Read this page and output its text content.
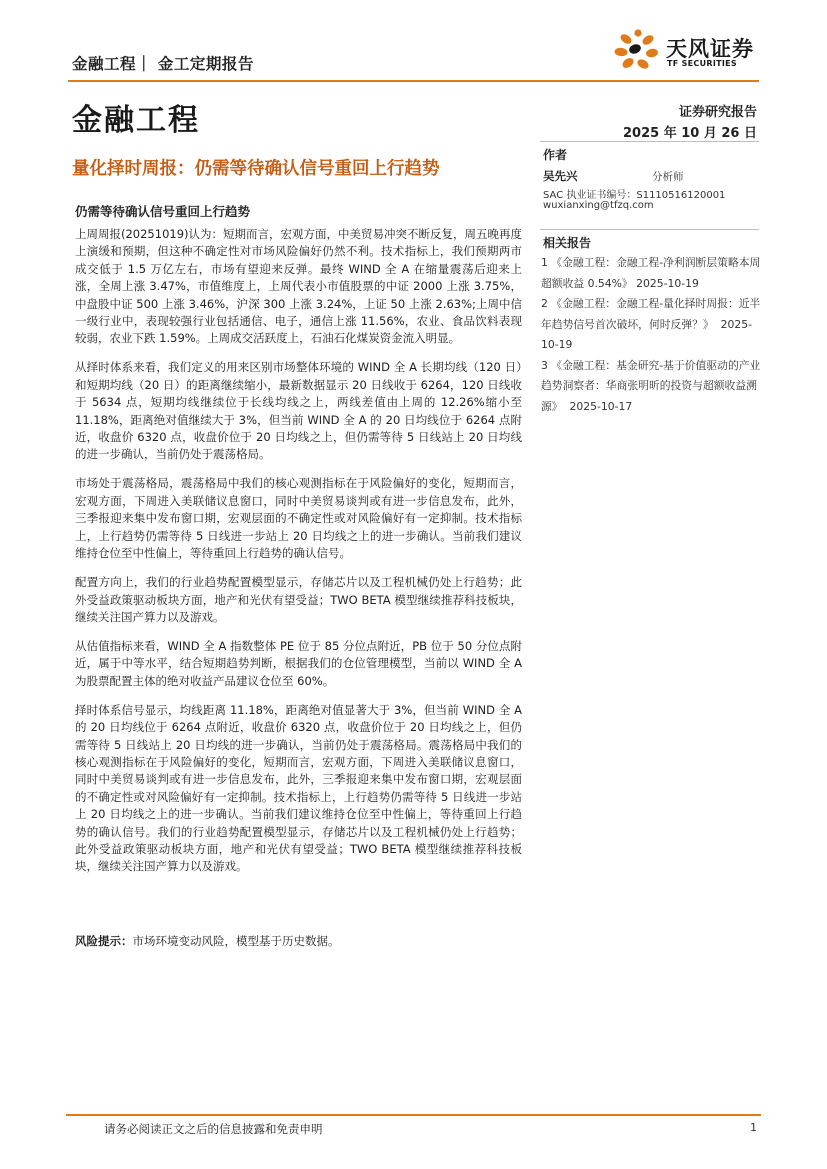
金融工程｜ 金工定期报告
天风证券
TF SECURITIES
金融工程	证券研究报告
2025 年 10 月 26 日
量化择时周报：仍需等待确认信号重回上行趋势
作者
吴先兴	分析师
SAC 执业证书编号：S1110516120001
wuxianxing@tfzq.com
相关报告
1 《金融工程：金融工程-净利润断层策略本周超额收益 0.54%》 2025-10-19
2 《金融工程：金融工程-量化择时周报：近半年趋势信号首次破坏，何时反弹？》 2025-10-19
3 《金融工程：基金研究-基于价值驱动的产业趋势洞察者：华商张明昕的投资与超额收益溯源》 2025-10-17
仍需等待确认信号重回上行趋势

上周周报(20251019)认为：短期而言，宏观方面，中美贸易冲突不断反复，周五晚再度上演缓和预期，但这种不确定性对市场风险偏好仍然不利。技术指标上，我们预期两市成交低于 1.5 万亿左右，市场有望迎来反弹。最终 WIND 全 A 在缩量震荡后迎来上涨，全周上涨 3.47%，市值维度上，上周代表小市值股票的中证 2000 上涨 3.75%，中盘股中证 500 上涨 3.46%，沪深 300 上涨 3.24%，上证 50 上涨 2.63%;上周中信一级行业中，表现较强行业包括通信、电子，通信上涨 11.56%，农业、食品饮料表现较弱，农业下跌 1.59%。上周成交活跃度上，石油石化煤炭资金流入明显。

从择时体系来看，我们定义的用来区别市场整体环境的 WIND 全 A 长期均线（120 日）和短期均线（20 日）的距离继续缩小，最新数据显示 20 日线收于 6264，120 日线收于 5634 点，短期均线继续位于长线均线之上，两线差值由上周的 12.26%缩小至 11.18%，距离绝对值继续大于 3%，但当前 WIND 全 A 的 20 日均线位于 6264 点附近，收盘价 6320 点，收盘价位于 20 日均线之上，但仍需等待 5 日线站上 20 日均线的进一步确认，当前仍处于震荡格局。

市场处于震荡格局，震荡格局中我们的核心观测指标在于风险偏好的变化，短期而言，宏观方面，下周进入美联储议息窗口，同时中美贸易谈判或有进一步信息发布，此外，三季报迎来集中发布窗口期，宏观层面的不确定性或对风险偏好有一定抑制。技术指标上，上行趋势仍需等待 5 日线进一步站上 20 日均线之上的进一步确认。当前我们建议维持仓位至中性偏上，等待重回上行趋势的确认信号。

配置方向上，我们的行业趋势配置模型显示，存储芯片以及工程机械仍处上行趋势；此外受益政策驱动板块方面，地产和光伏有望受益；TWO BETA 模型继续推荐科技板块，继续关注国产算力以及游戏。

从估值指标来看，WIND 全 A 指数整体 PE 位于 85 分位点附近，PB 位于 50 分位点附近，属于中等水平，结合短期趋势判断，根据我们的仓位管理模型，当前以 WIND 全 A 为股票配置主体的绝对收益产品建议仓位至 60%。

择时体系信号显示，均线距离 11.18%，距离绝对值显著大于 3%，但当前 WIND 全 A 的 20 日均线位于 6264 点附近，收盘价 6320 点，收盘价位于 20 日均线之上，但仍需等待 5 日线站上 20 日均线的进一步确认，当前仍处于震荡格局。震荡格局中我们的核心观测指标在于风险偏好的变化，短期而言，宏观方面，下周进入美联储议息窗口，同时中美贸易谈判或有进一步信息发布，此外，三季报迎来集中发布窗口期，宏观层面的不确定性或对风险偏好有一定抑制。技术指标上，上行趋势仍需等待 5 日线进一步站上 20 日均线之上的进一步确认。当前我们建议维持仓位至中性偏上，等待重回上行趋势的确认信号。我们的行业趋势配置模型显示，存储芯片以及工程机械仍处上行趋势；此外受益政策驱动板块方面，地产和光伏有望受益；TWO BETA 模型继续推荐科技板块，继续关注国产算力以及游戏。

风险提示：市场环境变动风险，模型基于历史数据。
请务必阅读正文之后的信息披露和免责申明	1
